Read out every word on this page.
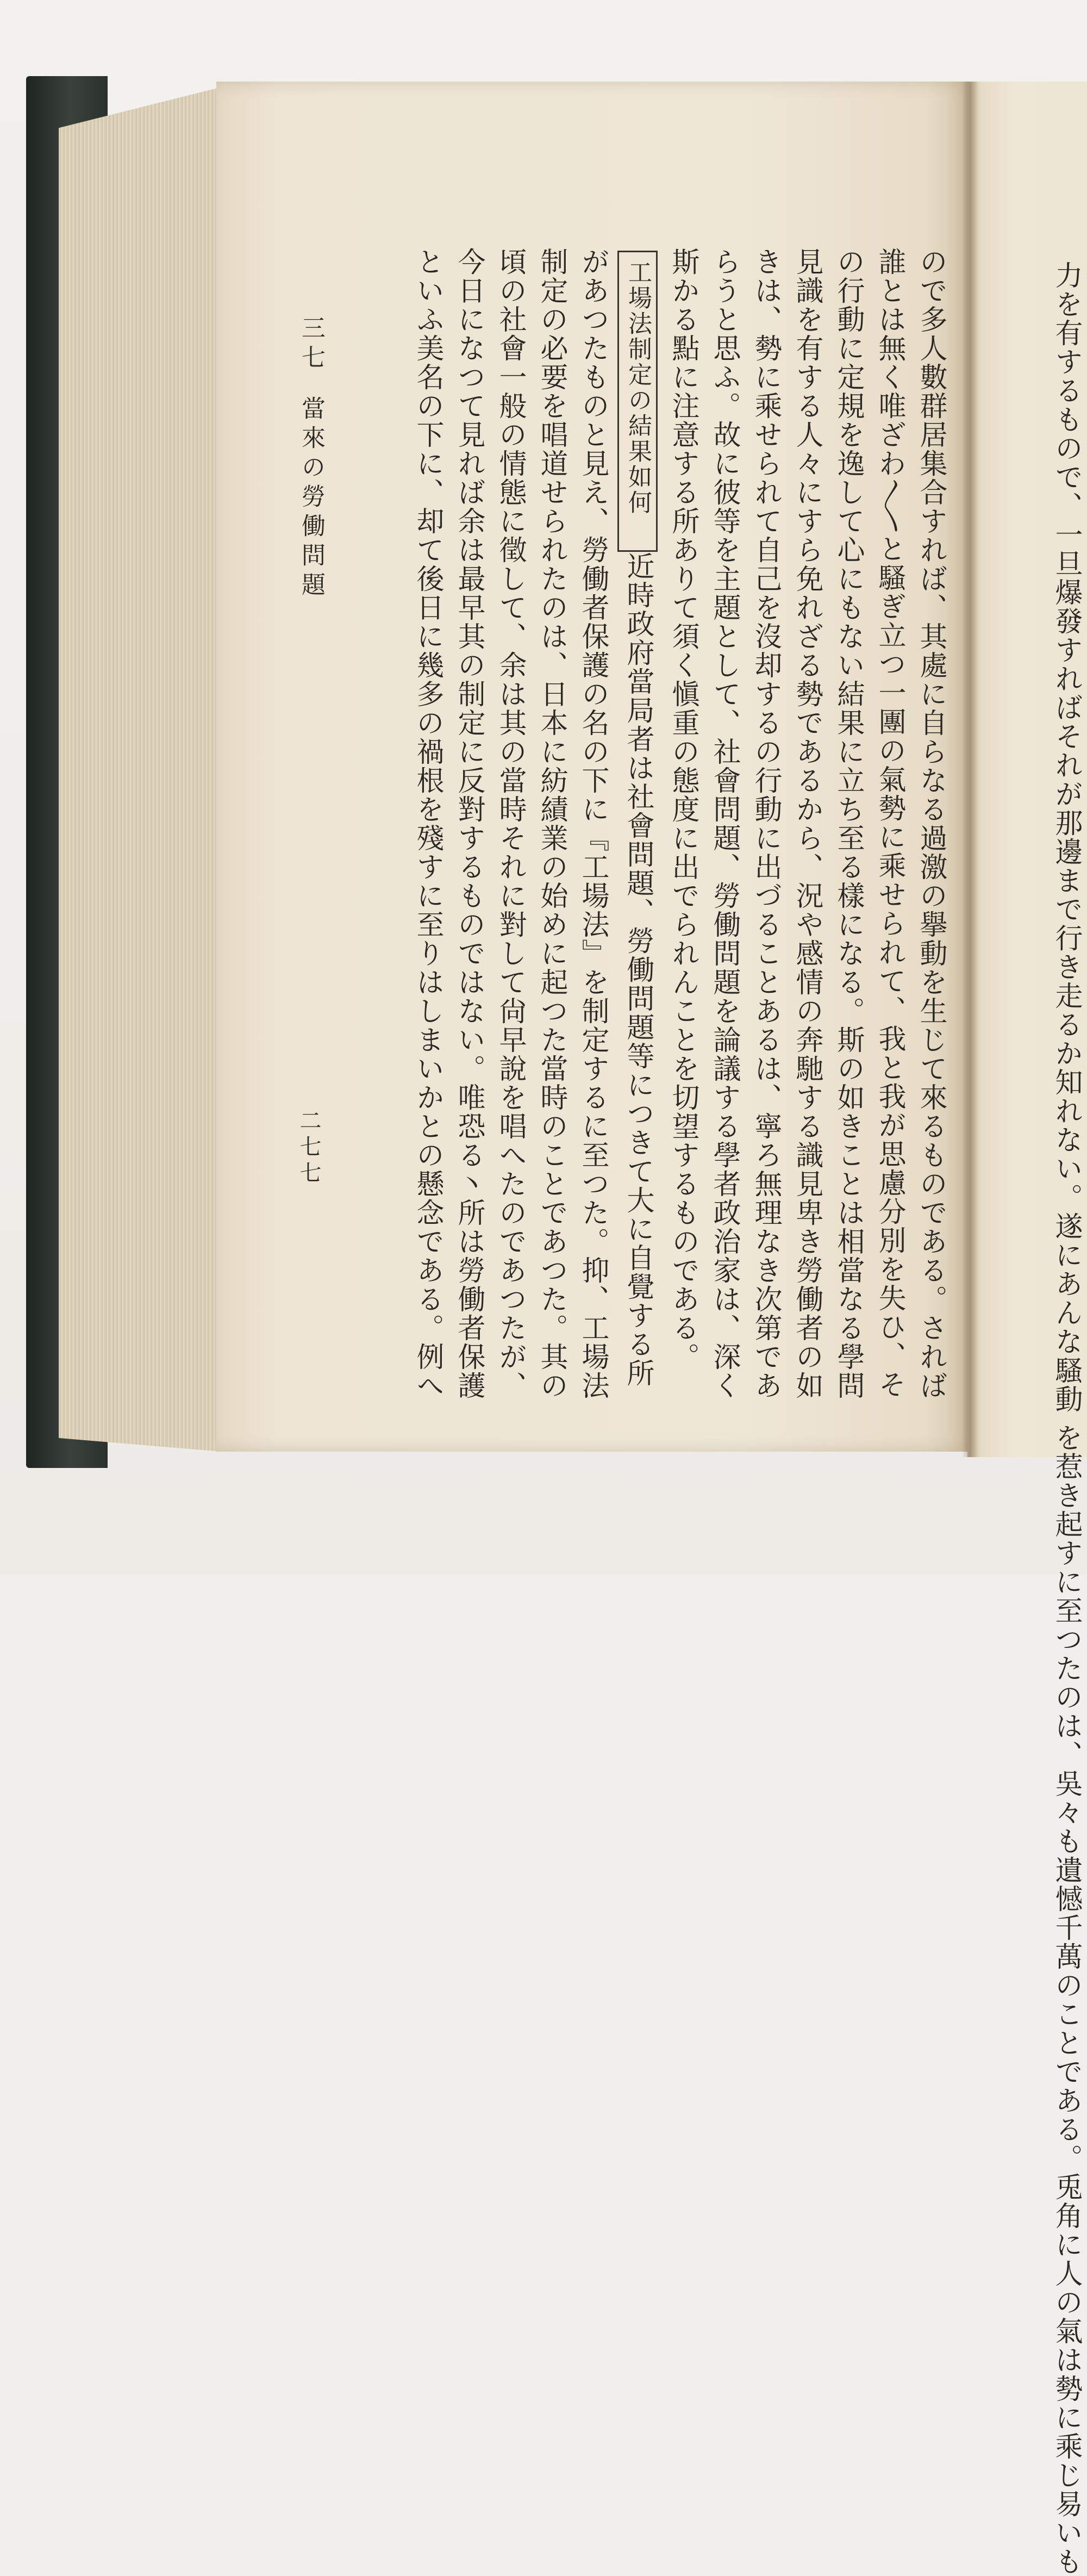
力を有するもので、一旦爆發すればそれが那邊まで行き走るか知れない。遂にあんな騷動 を惹き起すに至つたのは、吳々も遺憾千萬のことである。兎角に人の氣は勢に乘じ易いも
ので多人數群居集合すれば、其處に自らなる過激の擧動を生じて來るものである。されば
誰とは無く唯ざわ〳〵と騷ぎ立つ一團の氣勢に乘せられて、我と我が思慮分別を失ひ、そ
の行動に定規を逸して心にもない結果に立ち至る樣になる。斯の如きことは相當なる學問
見識を有する人々にすら免れざる勢であるから、況や感情の奔馳する識見卑き勞働者の如
きは、勢に乘せられて自己を沒却するの行動に出づることあるは、寧ろ無理なき次第であ
らうと思ふ。故に彼等を主題として、社會問題、勞働問題を論議する學者政治家は、深く
斯かる點に注意する所ありて須く愼重の態度に出でられんことを切望するものである。
工場法制定の結果如何近時政府當局者は社會問題、勞働問題等につきて大に自覺する所
があつたものと見え、勞働者保護の名の下に『工場法』を制定するに至つた。抑、工場法
制定の必要を唱道せられたのは、日本に紡績業の始めに起つた當時のことであつた。其の
頃の社會一般の情態に徵して、余は其の當時それに對して尙早說を唱へたのであつたが、
今日になつて見れば余は最早其の制定に反對するものではない。唯恐る丶所は勞働者保護
といふ美名の下に、却て後日に幾多の禍根を殘すに至りはしまいかとの懸念である。例へ
三七當來の勞働問題
二七七
